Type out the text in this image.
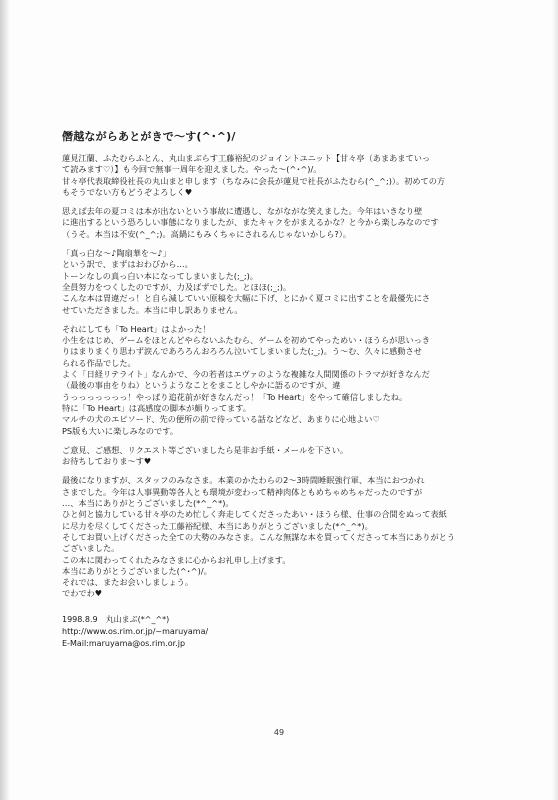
僭越ながらあとがきで〜す(^･^)/
蓮見江蘭、ふたむらふとん、丸山まぶらす工藤裕紀のジョイントユニット【甘々亭（あまあまていっ
て読みます♡）】も今回で無事一周年を迎えました。やった〜(^･^)/。
甘々亭代表取締役社長の丸山まと申します（ちなみに会長が蓮見で社長がふたむら(^_^;)）。初めての方
もそうでない方もどうぞよろしく♥
思えば去年の夏コミは本が出ないという事故に遭遇し、ながながな笑えました。今年はいきなり壁
に進出するという恐ろしい事態になりましたが、またキャクをがまえるかな？と今から楽しみなのです
（うそ。本当は不安(^_^;)。高鍋にもみくちゃにされるんじゃないかしら?）。
「真っ白な〜♪陶扇華を〜♪」
という訳で、まずはおわびから…。
トーンなしの真っ白い本になってしまいました(;_;)。
全員努力をつくしたのですが、力及ばずでした。とほほ(;_;)。
こんな本は胃違だっ！と自ら減していい原稿を大幅に下げ、とにかく夏コミに出すことを最優先にさ
せていただきました。本当に申し訳ありません。
それにしても「To Heart」はよかった！
小生をはじめ、ゲームをほとんどやらないふたむら、ゲームを初めてやっためい・ほうらが思いっき
りはまりまくり思わず涙んであろろんおろろん泣いてしまいました(;_;)。う〜む、久々に感動させ
られる作品でした。
よく「日経リテライト」なんかで、今の若者はエヴァのような複雑な人間関係のトラマが好きなんだ
（最後の事由をりね）というようなことをまことしやかに語るのですが、違
うっっっっっっっ！やっぱり追花前が好きなんだっ！「To Heart」をやって確信しましたね。
特に「To Heart」は高感度の脚本が頗りってます。
マルチの犬のエピソード、先の便所の前で待っている話などなど、あまりに心地よい♡
PS版も大いに楽しみなのです。
ご意見、ご感想、リクエスト等ございましたら是非お手紙・メールを下さい。
お待ちしておりま〜す♥
最後になりますが、スタッフのみなさま。本業のかたわらの2〜3時間睡眠強行軍、本当におつかれ
さまでした。今年は人事異動等各人とも環境が変わって精神肉体ともめちゃめちゃだったのですが
…、本当にありがとうございました(*^_^*)。
ひと何と協力している甘々亭のため忙しく奔走してくださったあい・ほうら様、仕事の合間をぬって表紙
に尽力を尽くしてくださった工藤裕紀様、本当にありがとうございました(*^_^*)。
そしてお買い上げくださった全ての大勢のみなさま。こんな無謀な本を買ってくださって本当にありがとう
ございました。
この本に関わってくれたみなさまに心からお礼申し上げます。
本当にありがとうございました(^･^)/。
それでは、またお会いしましょう。
でわでわ♥
1998.8.9　丸山まぶ(*^_^*)
http://www.os.rim.or.jp/~maruyama/
E-Mail:maruyama@os.rim.or.jp
49
